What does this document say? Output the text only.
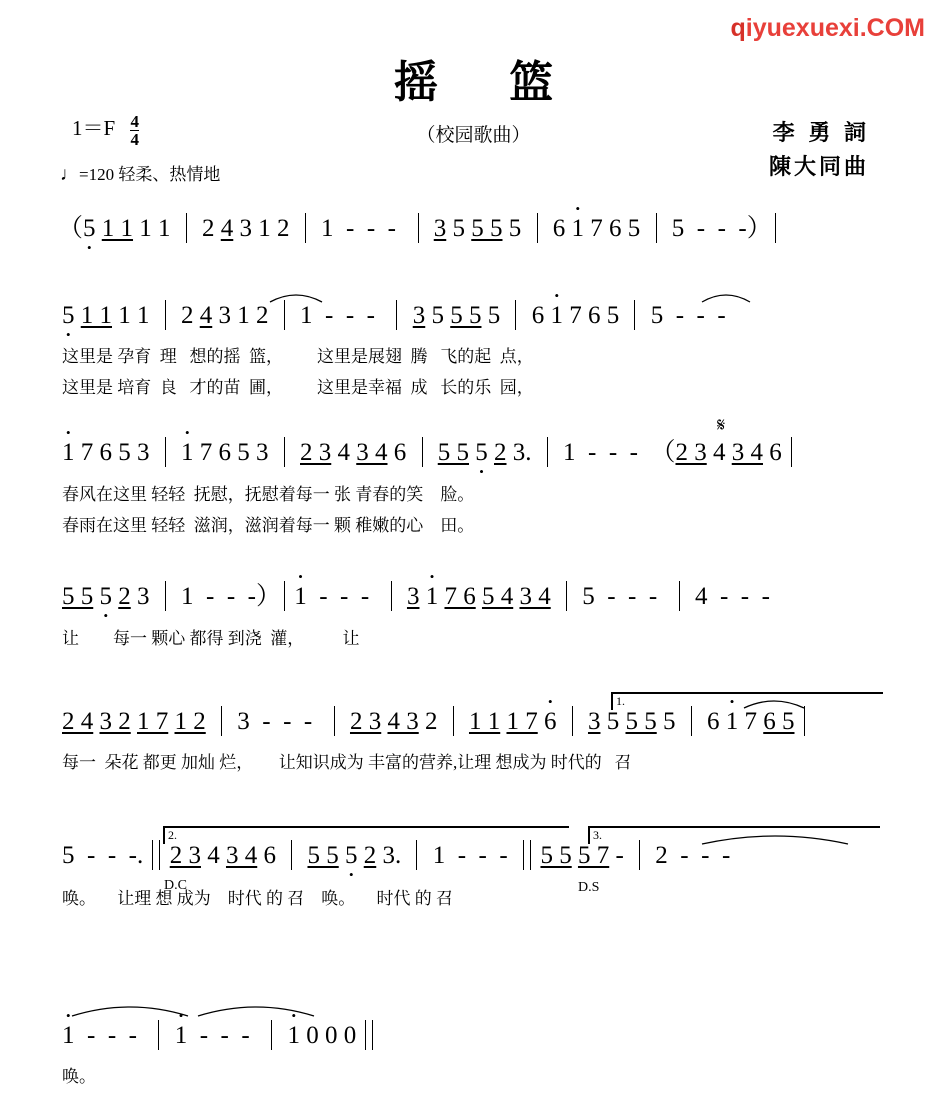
qiyuexuexi.COM
摇 篮
（校园歌曲）	李 勇 詞
陳大同曲
$1=F \frac{4}{4}$
♩=120 轻柔、热情地
（5 • 1 1 1 1  2 4 3 1 2  1  -  -  -   3 5 5 5 5  6 1 • 7 6 5  5  -  -  -）
5 • 1 1 1 1  2 4 3 1 2  1  -  -  -   3 5 5 5 5  6 1 • 7 6 5  5  -  -  -
这里是 孕育  理   想的摇  篮，        这里是展翅  腾   飞的起  点，
这里是 培育  良   才的苗  圃，        这里是幸福  成   长的乐  园，
𝄋
1 • 7 6 5 3  1 • 7 6 5 3  2 3 4 3 4 6  5 5 5 • 2 3.  1  -  -  -  （2 3 4 3 4 6
春风在这里 轻轻  抚慰，抚慰着每一 张 青春的笑    脸。
春雨在这里 轻轻  滋润，滋润着每一 颗 稚嫩的心    田。
5 5 5 • 2 3  1  -  -  -） 1 •  -  -  -   3 1 • 7 6 5 4 3 4  5  -  -  -   4  -  -  -
让        每一 颗心 都得 到浇  灌，         让
1.
2 4 3 2 1 7 1 2  3  -  -  -   2 3 4 3 2  1 1 1 7 6 • 3 5 5 5 5  6 1 • 7 6 5
每一  朵花 都更 加灿 烂，      让知识成为 丰富的营养,让理 想成为 时代的   召
2.	3.
5  -  -  -.  2 3 4 3 4 6  5 5 5 • 2 3.  1  -  -  -   5 5 5 7 -  2  -  -  -
D.C	D.S
唤。     让理 想 成为    时代 的 召    唤。     时代 的 召
1 •  -  -  -   1 •  -  -  -   1 • 0 0 0
唤。
